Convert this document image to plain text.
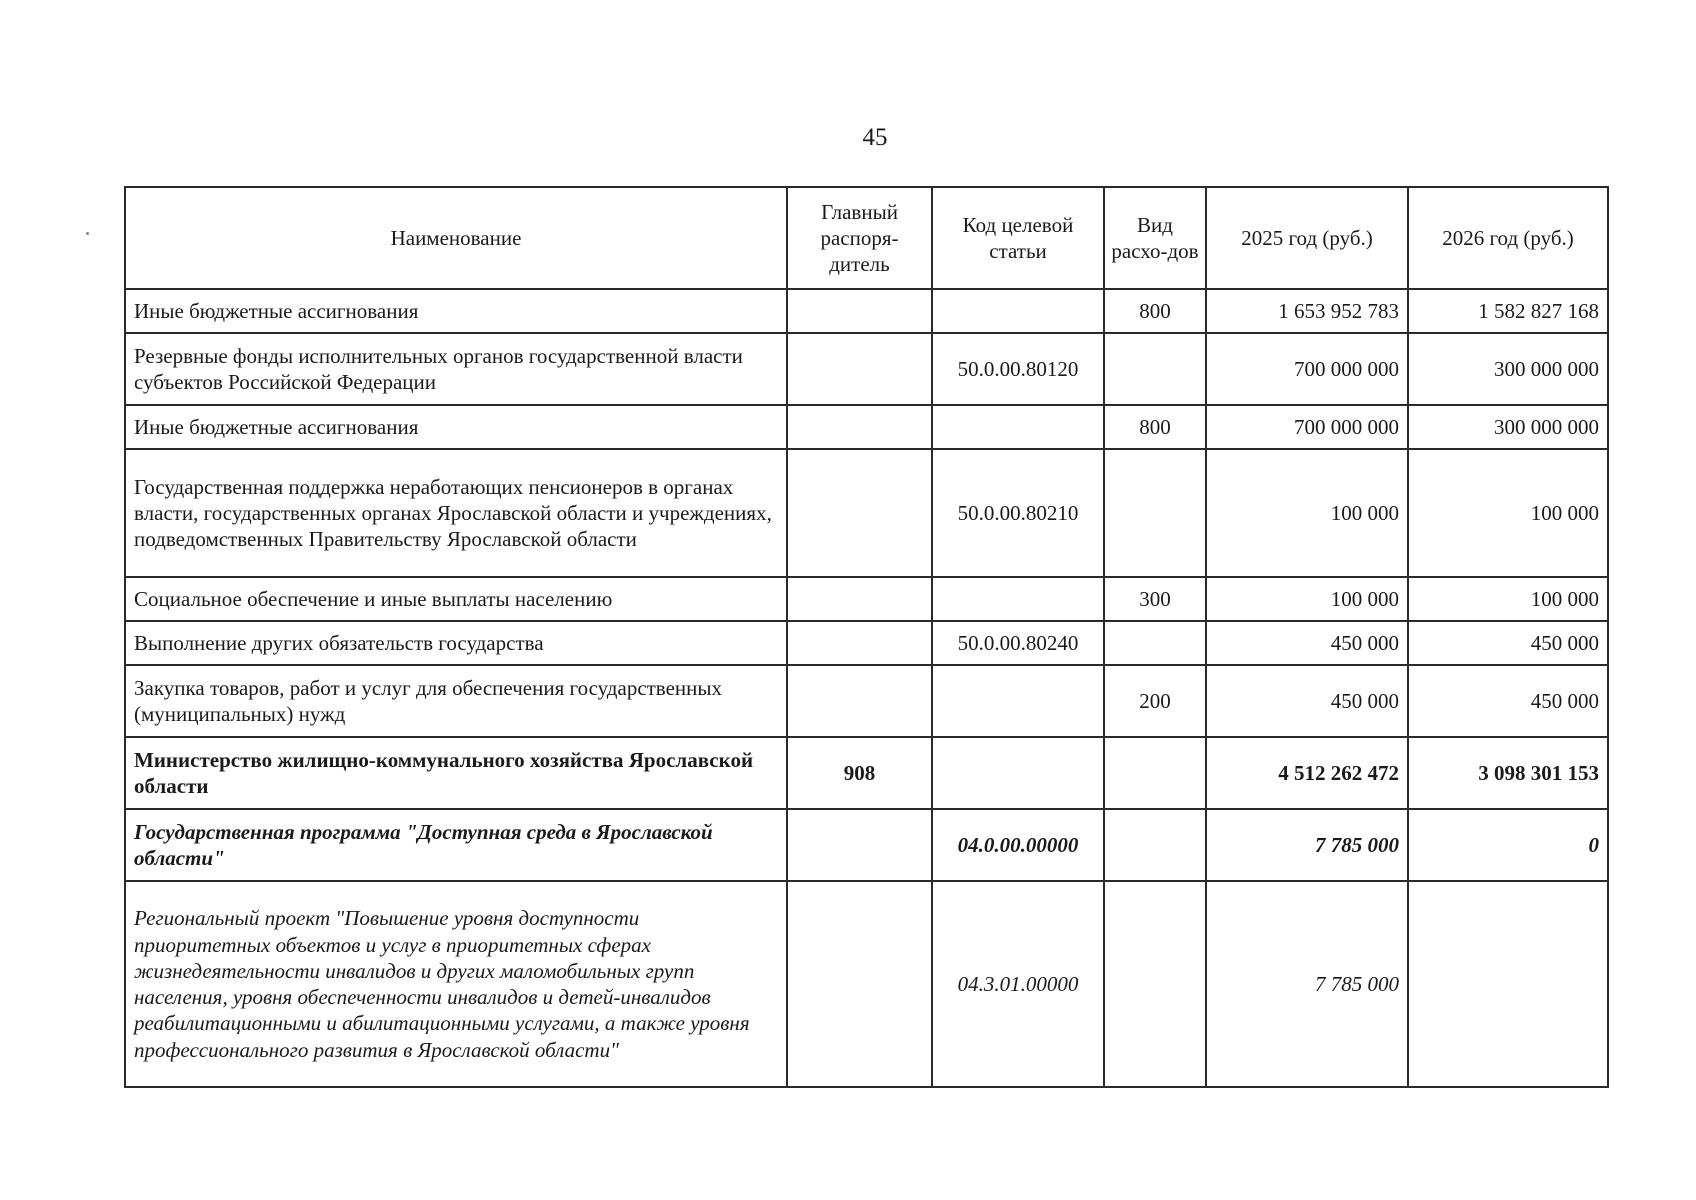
45
Наименование	Главный распоря-дитель	Код целевой статьи	Вид расхо-дов	2025 год (руб.)	2026 год (руб.)
Иные бюджетные ассигнования			800	1 653 952 783	1 582 827 168
Резервные фонды исполнительных органов государственной власти субъектов Российской Федерации		50.0.00.80120		700 000 000	300 000 000
Иные бюджетные ассигнования			800	700 000 000	300 000 000
Государственная поддержка неработающих пенсионеров в органах власти, государственных органах Ярославской области и учреждениях, подведомственных Правительству Ярославской области		50.0.00.80210		100 000	100 000
Социальное обеспечение и иные выплаты населению			300	100 000	100 000
Выполнение других обязательств государства		50.0.00.80240		450 000	450 000
Закупка товаров, работ и услуг для обеспечения государственных (муниципальных) нужд			200	450 000	450 000
Министерство жилищно-коммунального хозяйства Ярославской области	908			4 512 262 472	3 098 301 153
Государственная программа "Доступная среда в Ярославской области"		04.0.00.00000		7 785 000	0
Региональный проект "Повышение уровня доступности приоритетных объектов и услуг в приоритетных сферах жизнедеятельности инвалидов и других маломобильных групп населения, уровня обеспеченности инвалидов и детей-инвалидов реабилитационными и абилитационными услугами, а также уровня профессионального развития в Ярославской области"		04.3.01.00000		7 785 000	
